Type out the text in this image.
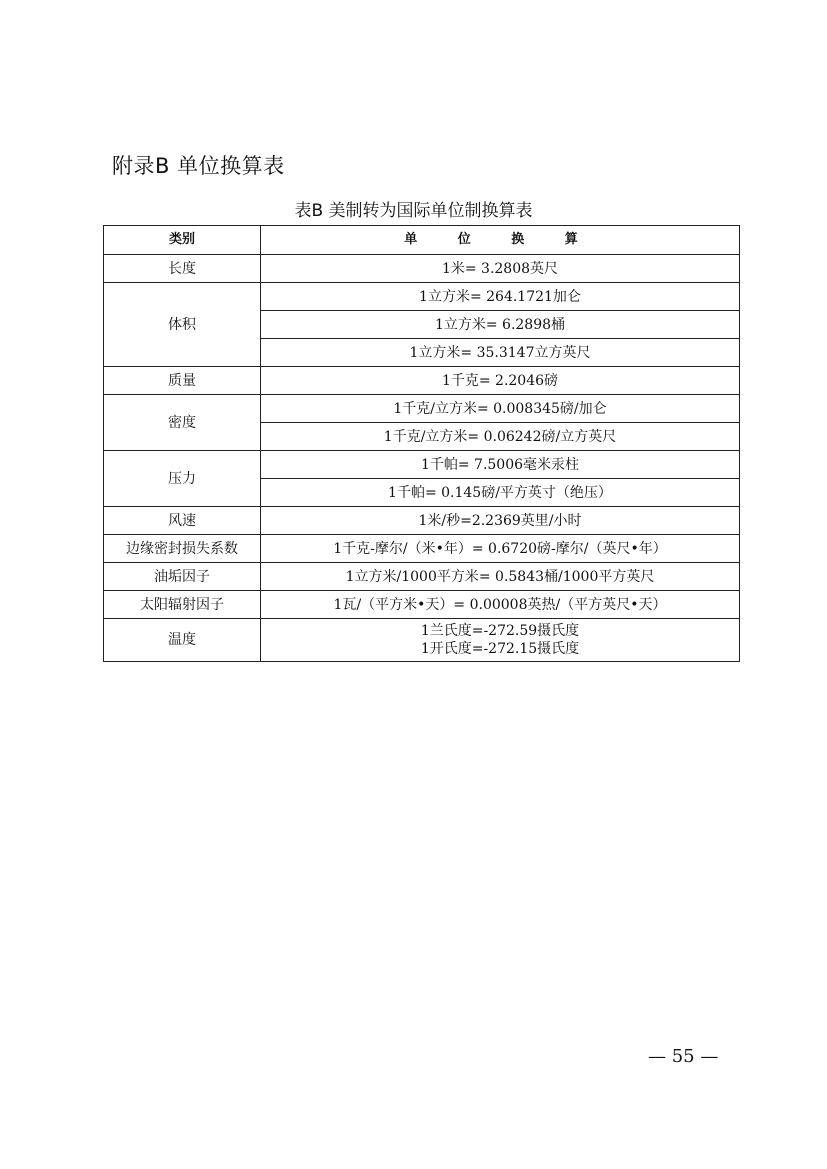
附录B 单位换算表
表B 美制转为国际单位制换算表
类别	单 位 换 算
长度	1米= 3.2808英尺
体积	1立方米= 264.1721加仑
	1立方米= 6.2898桶
	1立方米= 35.3147立方英尺
质量	1千克= 2.2046磅
密度	1千克/立方米= 0.008345磅/加仑
	1千克/立方米= 0.06242磅/立方英尺
压力	1千帕= 7.5006毫米汞柱
	1千帕= 0.145磅/平方英寸（绝压）
风速	1米/秒=2.2369英里/小时
边缘密封损失系数	1千克-摩尔/（米•年）= 0.6720磅-摩尔/（英尺•年）
油垢因子	1立方米/1000平方米= 0.5843桶/1000平方英尺
太阳辐射因子	1瓦/（平方米•天）= 0.00008英热/（平方英尺•天）
温度	1兰氏度=-272.59摄氏度
1开氏度=-272.15摄氏度
— 55 —
